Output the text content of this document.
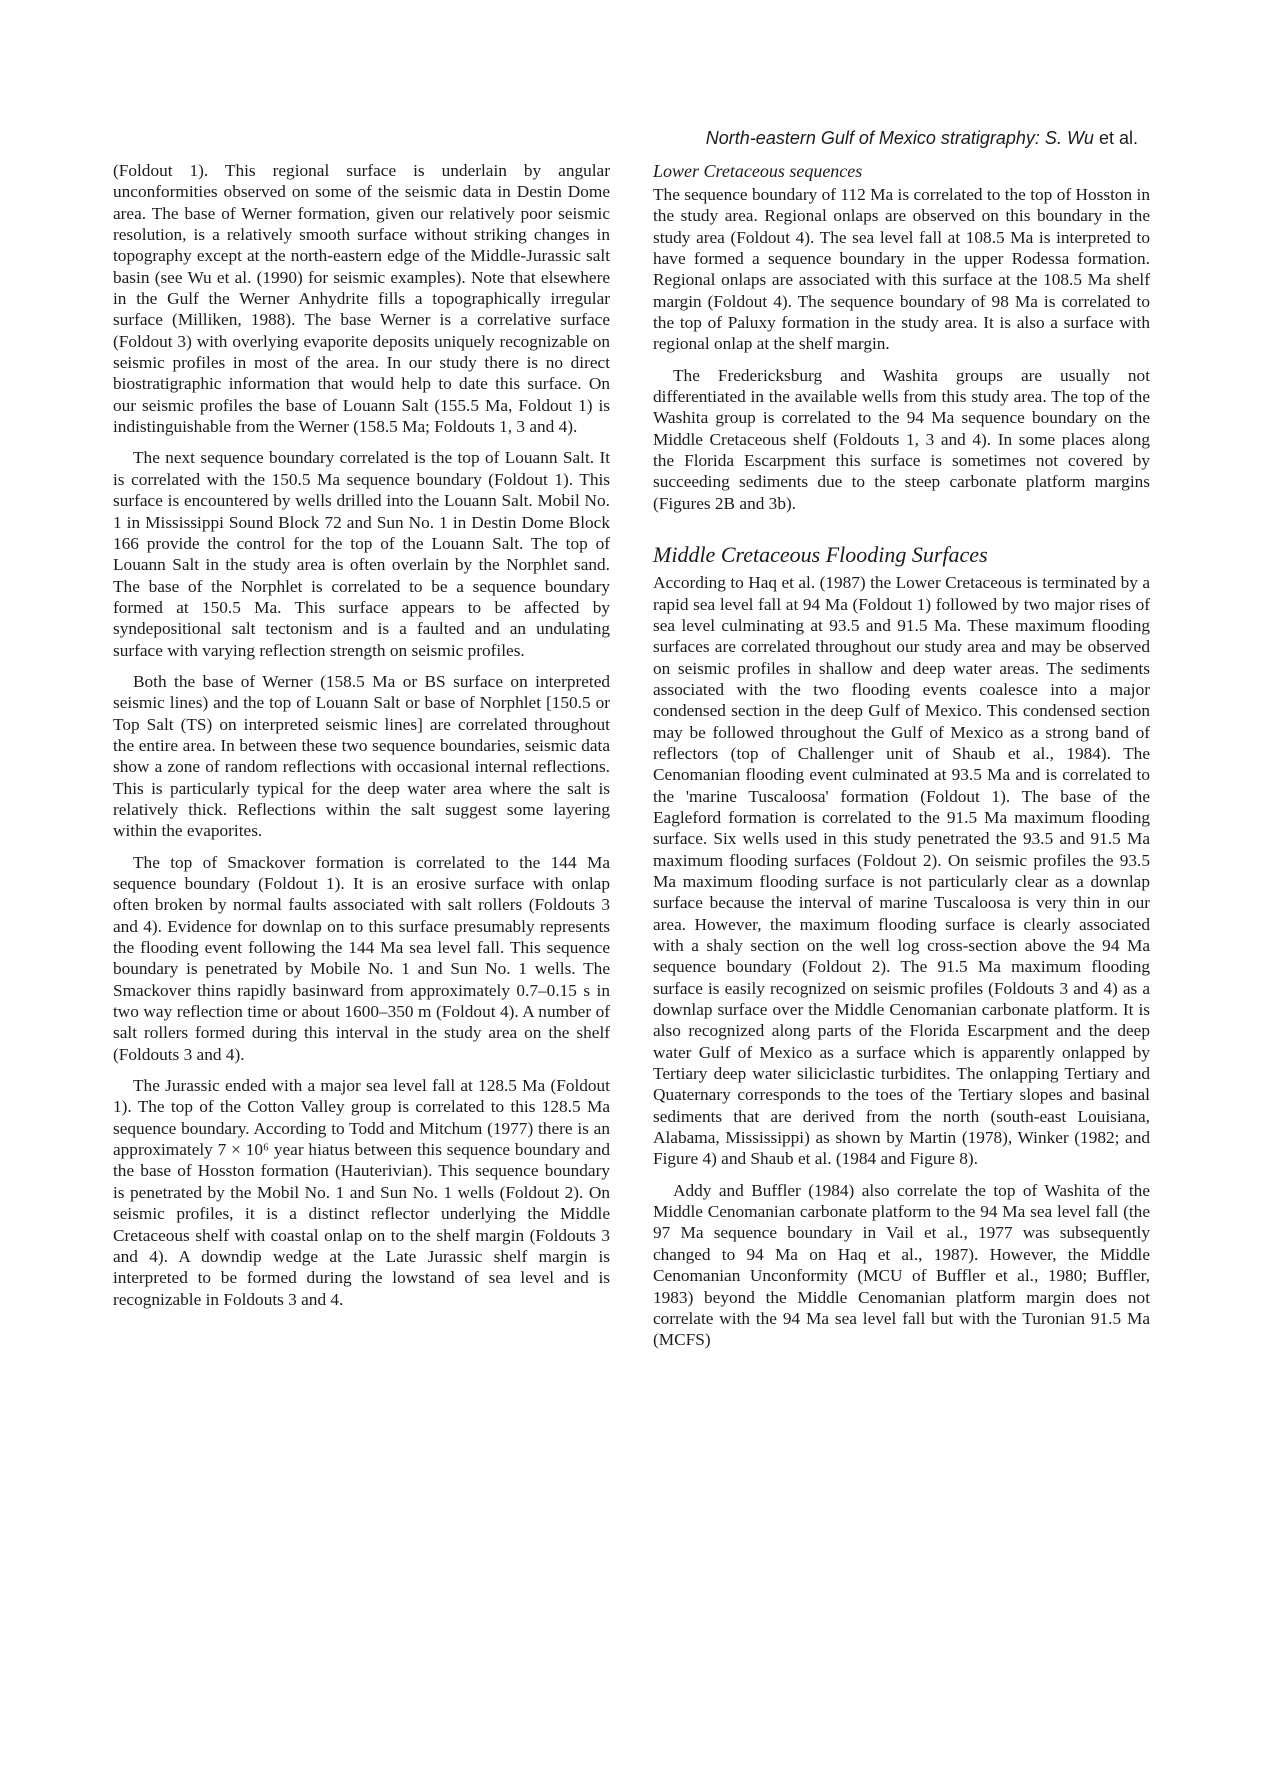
North-eastern Gulf of Mexico stratigraphy: S. Wu et al.

(Foldout 1). This regional surface is underlain by angular unconformities observed on some of the seismic data in Destin Dome area. The base of Werner formation, given our relatively poor seismic resolution, is a relatively smooth surface without striking changes in topography except at the north-eastern edge of the Middle-Jurassic salt basin (see Wu et al. (1990) for seismic examples). Note that elsewhere in the Gulf the Werner Anhydrite fills a topographically irregular surface (Milliken, 1988). The base Werner is a correlative surface (Foldout 3) with overlying evaporite deposits uniquely recognizable on seismic profiles in most of the area. In our study there is no direct biostratigraphic information that would help to date this surface. On our seismic profiles the base of Louann Salt (155.5 Ma, Foldout 1) is indistinguishable from the Werner (158.5 Ma; Foldouts 1, 3 and 4).

The next sequence boundary correlated is the top of Louann Salt. It is correlated with the 150.5 Ma sequence boundary (Foldout 1). This surface is encountered by wells drilled into the Louann Salt. Mobil No. 1 in Mississippi Sound Block 72 and Sun No. 1 in Destin Dome Block 166 provide the control for the top of the Louann Salt. The top of Louann Salt in the study area is often overlain by the Norphlet sand. The base of the Norphlet is correlated to be a sequence boundary formed at 150.5 Ma. This surface appears to be affected by syndepositional salt tectonism and is a faulted and an undulating surface with varying reflection strength on seismic profiles.

Both the base of Werner (158.5 Ma or BS surface on interpreted seismic lines) and the top of Louann Salt or base of Norphlet [150.5 or Top Salt (TS) on interpreted seismic lines] are correlated throughout the entire area. In between these two sequence boundaries, seismic data show a zone of random reflections with occasional internal reflections. This is particularly typical for the deep water area where the salt is relatively thick. Reflections within the salt suggest some layering within the evaporites.

The top of Smackover formation is correlated to the 144 Ma sequence boundary (Foldout 1). It is an erosive surface with onlap often broken by normal faults associated with salt rollers (Foldouts 3 and 4). Evidence for downlap on to this surface presumably represents the flooding event following the 144 Ma sea level fall. This sequence boundary is penetrated by Mobile No. 1 and Sun No. 1 wells. The Smackover thins rapidly basinward from approximately 0.7–0.15 s in two way reflection time or about 1600–350 m (Foldout 4). A number of salt rollers formed during this interval in the study area on the shelf (Foldouts 3 and 4).

The Jurassic ended with a major sea level fall at 128.5 Ma (Foldout 1). The top of the Cotton Valley group is correlated to this 128.5 Ma sequence boundary. According to Todd and Mitchum (1977) there is an approximately 7 × 10⁶ year hiatus between this sequence boundary and the base of Hosston formation (Hauterivian). This sequence boundary is penetrated by the Mobil No. 1 and Sun No. 1 wells (Foldout 2). On seismic profiles, it is a distinct reflector underlying the Middle Cretaceous shelf with coastal onlap on to the shelf margin (Foldouts 3 and 4). A downdip wedge at the Late Jurassic shelf margin is interpreted to be formed during the lowstand of sea level and is recognizable in Foldouts 3 and 4.

Lower Cretaceous sequences

The sequence boundary of 112 Ma is correlated to the top of Hosston in the study area. Regional onlaps are observed on this boundary in the study area (Foldout 4). The sea level fall at 108.5 Ma is interpreted to have formed a sequence boundary in the upper Rodessa formation. Regional onlaps are associated with this surface at the 108.5 Ma shelf margin (Foldout 4). The sequence boundary of 98 Ma is correlated to the top of Paluxy formation in the study area. It is also a surface with regional onlap at the shelf margin.

The Fredericksburg and Washita groups are usually not differentiated in the available wells from this study area. The top of the Washita group is correlated to the 94 Ma sequence boundary on the Middle Cretaceous shelf (Foldouts 1, 3 and 4). In some places along the Florida Escarpment this surface is sometimes not covered by succeeding sediments due to the steep carbonate platform margins (Figures 2B and 3b).

Middle Cretaceous Flooding Surfaces

According to Haq et al. (1987) the Lower Cretaceous is terminated by a rapid sea level fall at 94 Ma (Foldout 1) followed by two major rises of sea level culminating at 93.5 and 91.5 Ma. These maximum flooding surfaces are correlated throughout our study area and may be observed on seismic profiles in shallow and deep water areas. The sediments associated with the two flooding events coalesce into a major condensed section in the deep Gulf of Mexico. This condensed section may be followed throughout the Gulf of Mexico as a strong band of reflectors (top of Challenger unit of Shaub et al., 1984). The Cenomanian flooding event culminated at 93.5 Ma and is correlated to the 'marine Tuscaloosa' formation (Foldout 1). The base of the Eagleford formation is correlated to the 91.5 Ma maximum flooding surface. Six wells used in this study penetrated the 93.5 and 91.5 Ma maximum flooding surfaces (Foldout 2). On seismic profiles the 93.5 Ma maximum flooding surface is not particularly clear as a downlap surface because the interval of marine Tuscaloosa is very thin in our area. However, the maximum flooding surface is clearly associated with a shaly section on the well log cross-section above the 94 Ma sequence boundary (Foldout 2). The 91.5 Ma maximum flooding surface is easily recognized on seismic profiles (Foldouts 3 and 4) as a downlap surface over the Middle Cenomanian carbonate platform. It is also recognized along parts of the Florida Escarpment and the deep water Gulf of Mexico as a surface which is apparently onlapped by Tertiary deep water siliciclastic turbidites. The onlapping Tertiary and Quaternary corresponds to the toes of the Tertiary slopes and basinal sediments that are derived from the north (south-east Louisiana, Alabama, Mississippi) as shown by Martin (1978), Winker (1982; and Figure 4) and Shaub et al. (1984 and Figure 8).

Addy and Buffler (1984) also correlate the top of Washita of the Middle Cenomanian carbonate platform to the 94 Ma sea level fall (the 97 Ma sequence boundary in Vail et al., 1977 was subsequently changed to 94 Ma on Haq et al., 1987). However, the Middle Cenomanian Unconformity (MCU of Buffler et al., 1980; Buffler, 1983) beyond the Middle Cenomanian platform margin does not correlate with the 94 Ma sea level fall but with the Turonian 91.5 Ma (MCFS)
